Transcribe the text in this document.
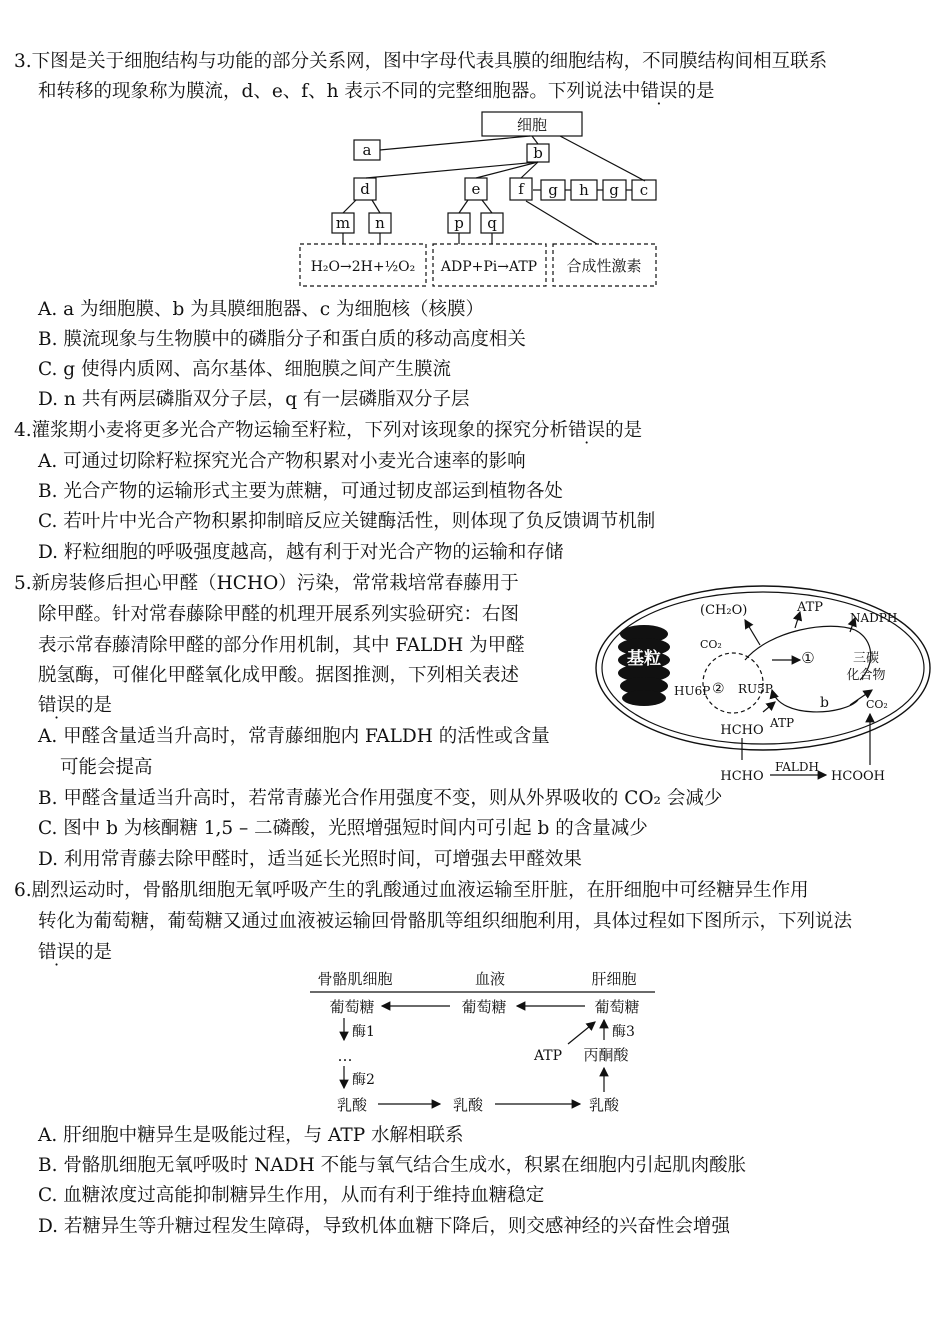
3.下图是关于细胞结构与功能的部分关系网，图中字母代表具膜的细胞结构，不同膜结构间相互联系
和转移的现象称为膜流，d、e、f、h 表示不同的完整细胞器。下列说法中错误的是
细胞
a	b
d	e	f g h g c
m n	p q
H₂O→2H+½O₂ ADP+Pi→ATP 合成性激素
A. a 为细胞膜、b 为具膜细胞器、c 为细胞核（核膜）
B. 膜流现象与生物膜中的磷脂分子和蛋白质的移动高度相关
C. g 使得内质网、高尔基体、细胞膜之间产生膜流
D. n 共有两层磷脂双分子层，q 有一层磷脂双分子层
4.灌浆期小麦将更多光合产物运输至籽粒，下列对该现象的探究分析错误的是
A. 可通过切除籽粒探究光合产物积累对小麦光合速率的影响
B. 光合产物的运输形式主要为蔗糖，可通过韧皮部运到植物各处
C. 若叶片中光合产物积累抑制暗反应关键酶活性，则体现了负反馈调节机制
D. 籽粒细胞的呼吸强度越高，越有利于对光合产物的运输和存储
5.新房装修后担心甲醛（HCHO）污染，常常栽培常春藤用于
除甲醛。针对常春藤除甲醛的机理开展系列实验研究：右图
表示常春藤清除甲醛的部分作用机制，其中 FALDH 为甲醛
脱氢酶，可催化甲醛氧化成甲酸。据图推测，下列相关表述
错误的是
A. 甲醛含量适当升高时，常青藤细胞内 FALDH 的活性或含量
可能会提高
基粒
(CH₂O)	ATP
NADPH
CO₂
①	三碳
化合物
HU6P ② RU5P
b
ATP
CO₂
HCHO
HCHO
FALDH
HCOOH
B. 甲醛含量适当升高时，若常青藤光合作用强度不变，则从外界吸收的 CO₂ 会减少
C. 图中 b 为核酮糖 1,5 – 二磷酸，光照增强短时间内可引起 b 的含量减少
D. 利用常青藤去除甲醛时，适当延长光照时间，可增强去甲醛效果
6.剧烈运动时，骨骼肌细胞无氧呼吸产生的乳酸通过血液运输至肝脏，在肝细胞中可经糖异生作用
转化为葡萄糖，葡萄糖又通过血液被运输回骨骼肌等组织细胞利用，具体过程如下图所示，下列说法
错误的是
骨骼肌细胞	血液	肝细胞
葡萄糖	葡萄糖	葡萄糖
酶1
…
酶2
乳酸	乳酸	乳酸
ATP 丙酮酸
酶3
A. 肝细胞中糖异生是吸能过程，与 ATP 水解相联系
B. 骨骼肌细胞无氧呼吸时 NADH 不能与氧气结合生成水，积累在细胞内引起肌肉酸胀
C. 血糖浓度过高能抑制糖异生作用，从而有利于维持血糖稳定
D. 若糖异生等升糖过程发生障碍，导致机体血糖下降后，则交感神经的兴奋性会增强
